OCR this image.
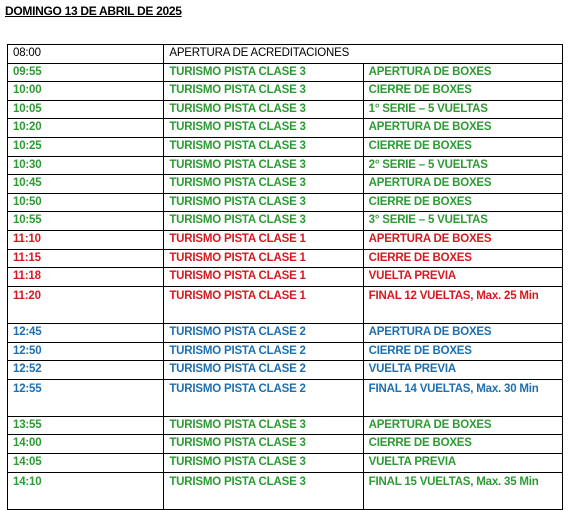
DOMINGO 13 DE ABRIL DE 2025
08:00	APERTURA DE ACREDITACIONES	
09:55	TURISMO PISTA CLASE 3	APERTURA DE BOXES
10:00	TURISMO PISTA CLASE 3	CIERRE DE BOXES
10:05	TURISMO PISTA CLASE 3	1° SERIE – 5 VUELTAS
10:20	TURISMO PISTA CLASE 3	APERTURA DE BOXES
10:25	TURISMO PISTA CLASE 3	CIERRE DE BOXES
10:30	TURISMO PISTA CLASE 3	2° SERIE – 5 VUELTAS
10:45	TURISMO PISTA CLASE 3	APERTURA DE BOXES
10:50	TURISMO PISTA CLASE 3	CIERRE DE BOXES
10:55	TURISMO PISTA CLASE 3	3° SERIE – 5 VUELTAS
11:10	TURISMO PISTA CLASE 1	APERTURA DE BOXES
11:15	TURISMO PISTA CLASE 1	CIERRE DE BOXES
11:18	TURISMO PISTA CLASE 1	VUELTA PREVIA
11:20	TURISMO PISTA CLASE 1	FINAL 12 VUELTAS, Max. 25 Min
12:45	TURISMO PISTA CLASE 2	APERTURA DE BOXES
12:50	TURISMO PISTA CLASE 2	CIERRE DE BOXES
12:52	TURISMO PISTA CLASE 2	VUELTA PREVIA
12:55	TURISMO PISTA CLASE 2	FINAL 14 VUELTAS, Max. 30 Min
13:55	TURISMO PISTA CLASE 3	APERTURA DE BOXES
14:00	TURISMO PISTA CLASE 3	CIERRE DE BOXES
14:05	TURISMO PISTA CLASE 3	VUELTA PREVIA
14:10	TURISMO PISTA CLASE 3	FINAL 15 VUELTAS, Max. 35 Min
